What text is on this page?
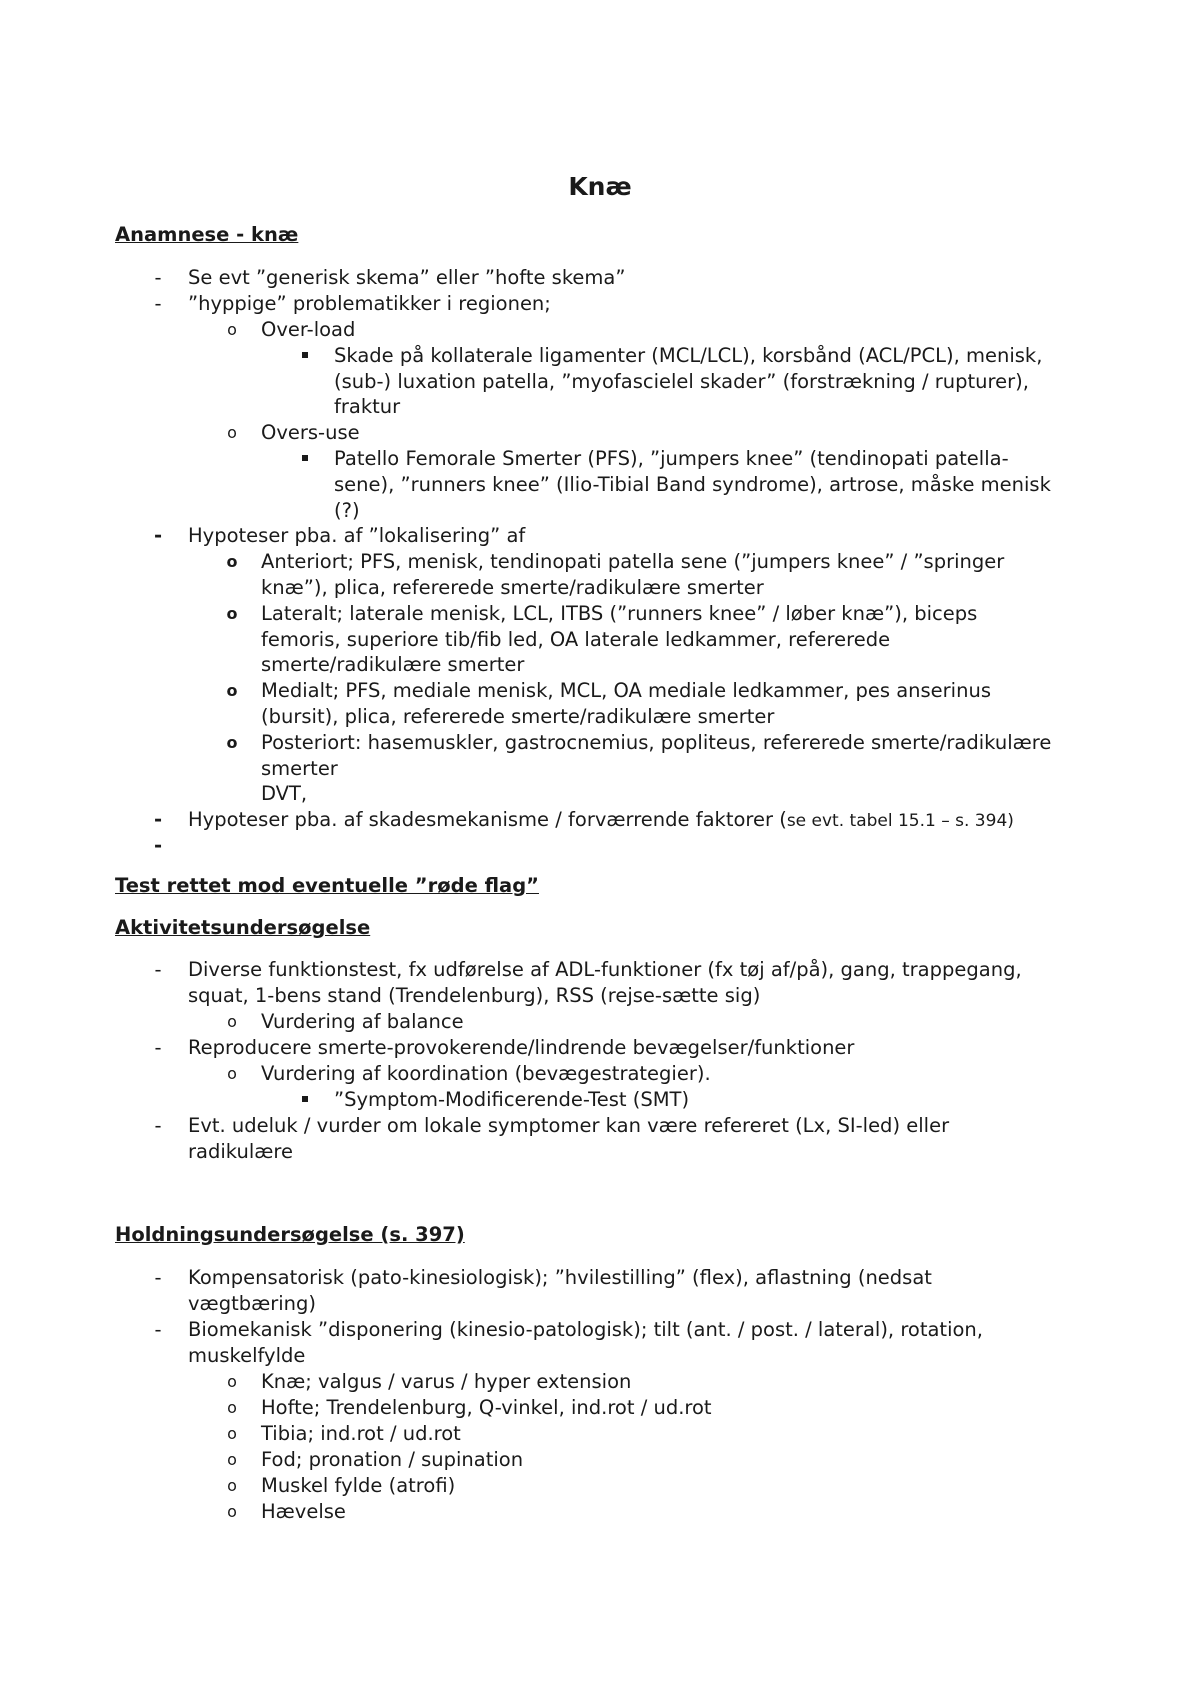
Knæ
Anamnese - knæ
-	Se evt ”generisk skema” eller ”hofte skema”
-	”hyppige” problematikker i regionen;
o Over-load
Skade på kollaterale ligamenter (MCL/LCL), korsbånd (ACL/PCL), menisk,
(sub-) luxation patella, ”myofascielel skader” (forstrækning / rupturer),
fraktur
o Overs-use
Patello Femorale Smerter (PFS), ”jumpers knee” (tendinopati patella-
sene), ”runners knee” (Ilio-Tibial Band syndrome), artrose, måske menisk
(?)
-	Hypoteser pba. af ”lokalisering” af
o Anteriort; PFS, menisk, tendinopati patella sene (”jumpers knee” / ”springer
knæ”), plica, refererede smerte/radikulære smerter
o Lateralt; laterale menisk, LCL, ITBS (”runners knee” / løber knæ”), biceps
femoris, superiore tib/fib led, OA laterale ledkammer, refererede
smerte/radikulære smerter
o Medialt; PFS, mediale menisk, MCL, OA mediale ledkammer, pes anserinus
(bursit), plica, refererede smerte/radikulære smerter
o Posteriort: hasemuskler, gastrocnemius, popliteus, refererede smerte/radikulære
smerter
DVT,
-	Hypoteser pba. af skadesmekanisme / forværrende faktorer (se evt. tabel 15.1 – s. 394)
-
Test rettet mod eventuelle ”røde flag”
Aktivitetsundersøgelse
-	Diverse funktionstest, fx udførelse af ADL-funktioner (fx tøj af/på), gang, trappegang,
squat, 1-bens stand (Trendelenburg), RSS (rejse-sætte sig)
o Vurdering af balance
-	Reproducere smerte-provokerende/lindrende bevægelser/funktioner
o Vurdering af koordination (bevægestrategier).
”Symptom-Modificerende-Test (SMT)
-	Evt. udeluk / vurder om lokale symptomer kan være refereret (Lx, SI-led) eller
radikulære
Holdningsundersøgelse (s. 397)
-	Kompensatorisk (pato-kinesiologisk); ”hvilestilling” (flex), aflastning (nedsat
vægtbæring)
-	Biomekanisk ”disponering (kinesio-patologisk); tilt (ant. / post. / lateral), rotation,
muskelfylde
o Knæ; valgus / varus / hyper extension
o Hofte; Trendelenburg, Q-vinkel, ind.rot / ud.rot
o Tibia; ind.rot / ud.rot
o Fod; pronation / supination
o Muskel fylde (atrofi)
o Hævelse
